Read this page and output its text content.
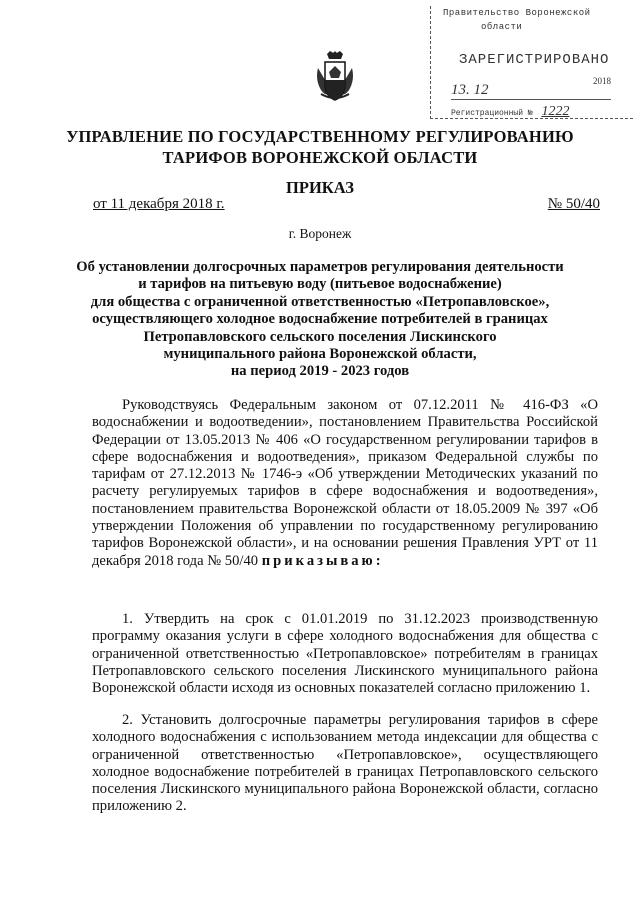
Правительство Воронежской
области
ЗАРЕГИСТРИРОВАНО
13. 12
2018
Регистрационный № 1222
УПРАВЛЕНИЕ ПО ГОСУДАРСТВЕННОМУ РЕГУЛИРОВАНИЮ
ТАРИФОВ ВОРОНЕЖСКОЙ ОБЛАСТИ
ПРИКАЗ
от 11 декабря 2018 г.	№ 50/40
г. Воронеж
Об установлении долгосрочных параметров регулирования деятельности
и тарифов на питьевую воду (питьевое водоснабжение)
для общества с ограниченной ответственностью «Петропавловское»,
осуществляющего холодное водоснабжение потребителей в границах
Петропавловского сельского поселения Лискинского
муниципального района Воронежской области,
на период 2019 - 2023 годов
Руководствуясь Федеральным законом от 07.12.2011 № 416-ФЗ «О водоснабжении и водоотведении», постановлением Правительства Российской Федерации от 13.05.2013 № 406 «О государственном регулировании тарифов в сфере водоснабжения и водоотведения», приказом Федеральной службы по тарифам от 27.12.2013 № 1746-э «Об утверждении Методических указаний по расчету регулируемых тарифов в сфере водоснабжения и водоотведения», постановлением правительства Воронежской области от 18.05.2009 № 397 «Об утверждении Положения об управлении по государственному регулированию тарифов Воронежской области», и на основании решения Правления УРТ от 11 декабря 2018 года № 50/40 приказываю:
1. Утвердить на срок с 01.01.2019 по 31.12.2023 производственную программу оказания услуги в сфере холодного водоснабжения для общества с ограниченной ответственностью «Петропавловское» потребителям в границах Петропавловского сельского поселения Лискинского муниципального района Воронежской области исходя из основных показателей согласно приложению 1.
2. Установить долгосрочные параметры регулирования тарифов в сфере холодного водоснабжения с использованием метода индексации для общества с ограниченной ответственностью «Петропавловское», осуществляющего холодное водоснабжение потребителей в границах Петропавловского сельского поселения Лискинского муниципального района Воронежской области, согласно приложению 2.
